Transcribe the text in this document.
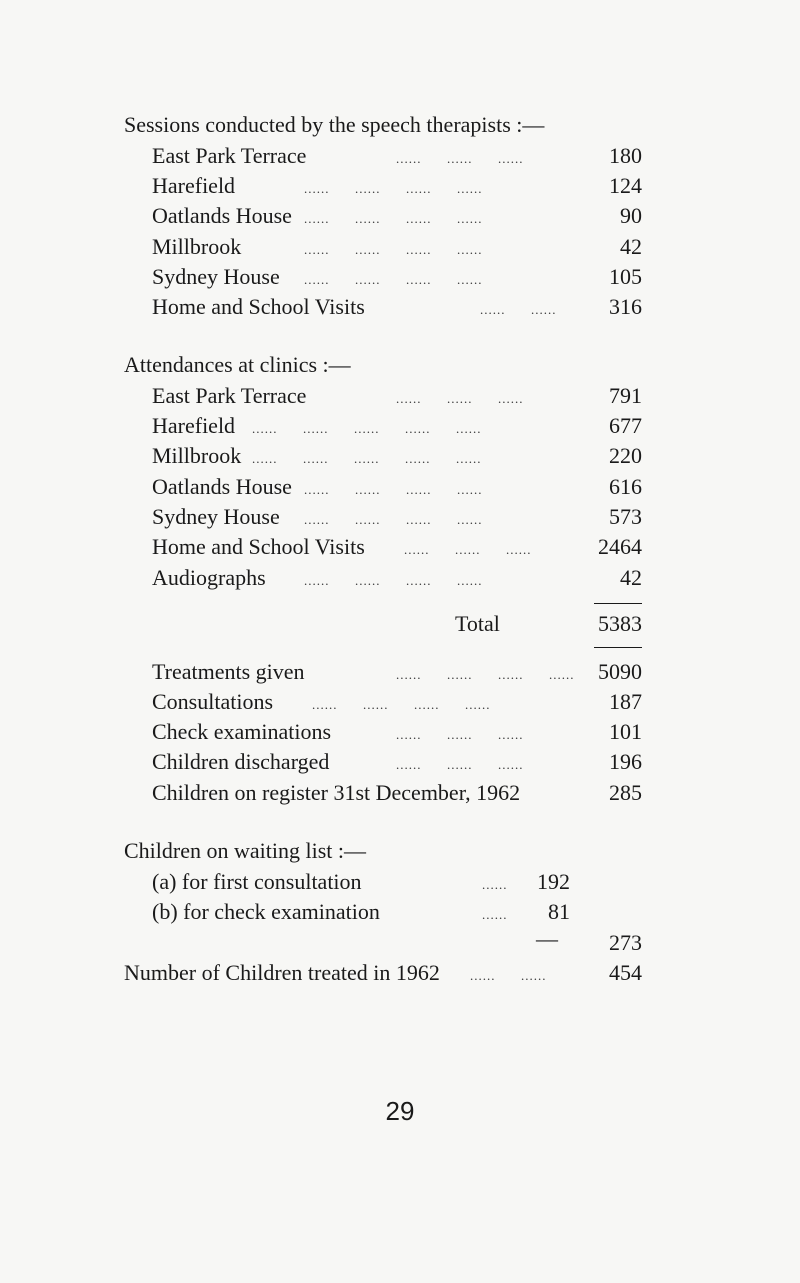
Sessions conducted by the speech therapists :—
East Park Terrace	......      ......      ......	180
Harefield	......      ......      ......      ......	124
Oatlands House ......      ......      ......      ......	90
Millbrook	......      ......      ......      ......	42
Sydney House ......      ......      ......      ......	105
Home and School Visits	......      ...... 316
Attendances at clinics :—
East Park Terrace	......      ......      ......	791
Harefield ......      ......      ......      ......      ......	677
Millbrook ......      ......      ......      ......      ......	220
Oatlands House ......      ......      ......      ......	616
Sydney House ......      ......      ......      ......	573
Home and School Visits	......      ......      ......	2464
Audiographs	......      ......      ......      ......	42
Total	5383
Treatments given	......      ......      ......      ...... 5090
Consultations	......      ......      ......      ......	187
Check examinations	......      ......      ......	101
Children discharged	......      ......      ......	196
Children on register 31st December, 1962	285
Children on waiting list :—
(a) for first consultation	...... 192
(b) for check examination	...... 81
— 273
Number of Children treated in 1962 ......      ......	454
29
